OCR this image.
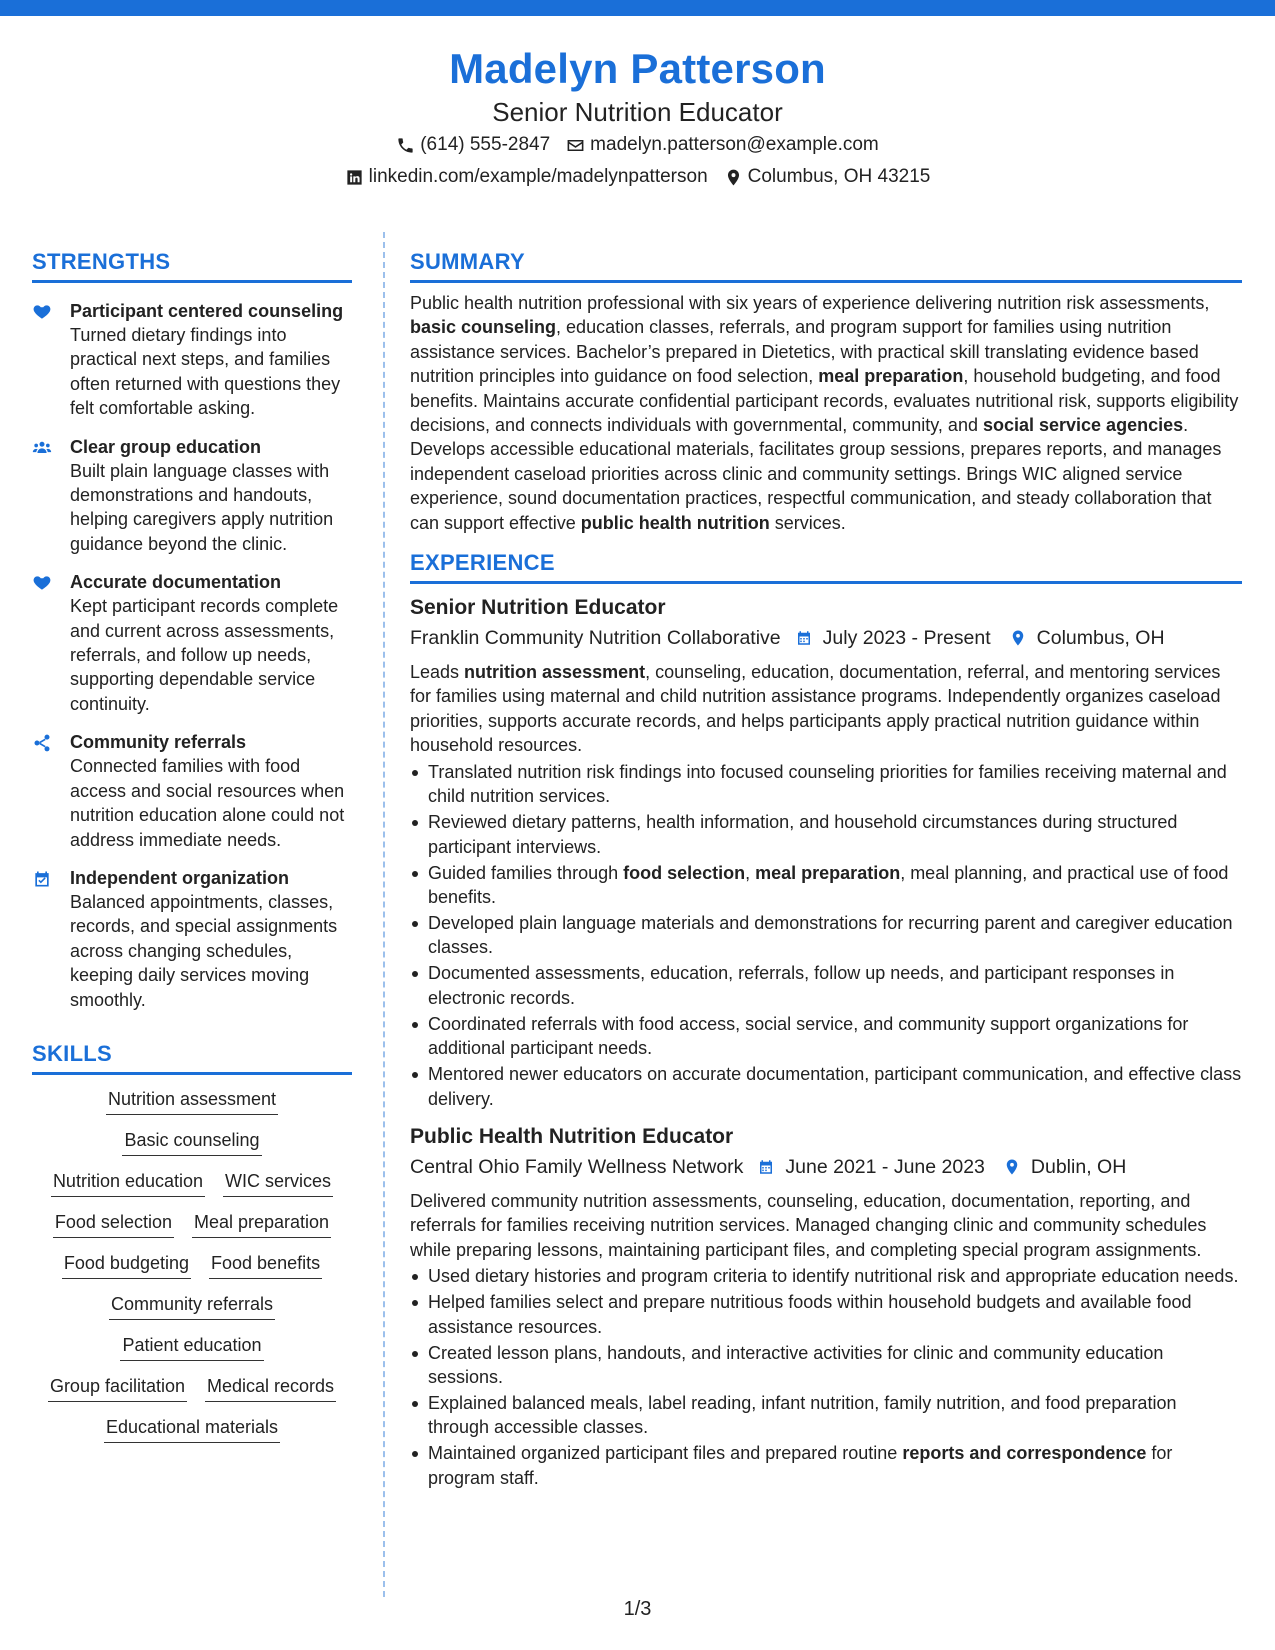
Madelyn Patterson
Senior Nutrition Educator
(614) 555-2847 madelyn.patterson@example.com
linkedin.com/example/madelynpatterson Columbus, OH 43215
STRENGTHS
Participant centered counseling
Turned dietary findings into practical next steps, and families often returned with questions they felt comfortable asking.
Clear group education
Built plain language classes with demonstrations and handouts, helping caregivers apply nutrition guidance beyond the clinic.
Accurate documentation
Kept participant records complete and current across assessments, referrals, and follow up needs, supporting dependable service continuity.
Community referrals
Connected families with food access and social resources when nutrition education alone could not address immediate needs.
Independent organization
Balanced appointments, classes, records, and special assignments across changing schedules, keeping daily services moving smoothly.
SKILLS
Nutrition assessment
Basic counseling
Nutrition education WIC services
Food selection Meal preparation
Food budgeting Food benefits
Community referrals
Patient education
Group facilitation Medical records
Educational materials
SUMMARY
Public health nutrition professional with six years of experience delivering nutrition risk assessments, basic counseling, education classes, referrals, and program support for families using nutrition assistance services. Bachelor’s prepared in Dietetics, with practical skill translating evidence based nutrition principles into guidance on food selection, meal preparation, household budgeting, and food benefits. Maintains accurate confidential participant records, evaluates nutritional risk, supports eligibility decisions, and connects individuals with governmental, community, and social service agencies. Develops accessible educational materials, facilitates group sessions, prepares reports, and manages independent caseload priorities across clinic and community settings. Brings WIC aligned service experience, sound documentation practices, respectful communication, and steady collaboration that can support effective public health nutrition services.
EXPERIENCE
Senior Nutrition Educator
Franklin Community Nutrition Collaborative July 2023 - Present Columbus, OH
Leads nutrition assessment, counseling, education, documentation, referral, and mentoring services for families using maternal and child nutrition assistance programs. Independently organizes caseload priorities, supports accurate records, and helps participants apply practical nutrition guidance within household resources.
Translated nutrition risk findings into focused counseling priorities for families receiving maternal and child nutrition services.
Reviewed dietary patterns, health information, and household circumstances during structured participant interviews.
Guided families through food selection, meal preparation, meal planning, and practical use of food benefits.
Developed plain language materials and demonstrations for recurring parent and caregiver education classes.
Documented assessments, education, referrals, follow up needs, and participant responses in electronic records.
Coordinated referrals with food access, social service, and community support organizations for additional participant needs.
Mentored newer educators on accurate documentation, participant communication, and effective class delivery.
Public Health Nutrition Educator
Central Ohio Family Wellness Network June 2021 - June 2023 Dublin, OH
Delivered community nutrition assessments, counseling, education, documentation, reporting, and referrals for families receiving nutrition services. Managed changing clinic and community schedules while preparing lessons, maintaining participant files, and completing special program assignments.
Used dietary histories and program criteria to identify nutritional risk and appropriate education needs.
Helped families select and prepare nutritious foods within household budgets and available food assistance resources.
Created lesson plans, handouts, and interactive activities for clinic and community education sessions.
Explained balanced meals, label reading, infant nutrition, family nutrition, and food preparation through accessible classes.
Maintained organized participant files and prepared routine reports and correspondence for program staff.
1/3
